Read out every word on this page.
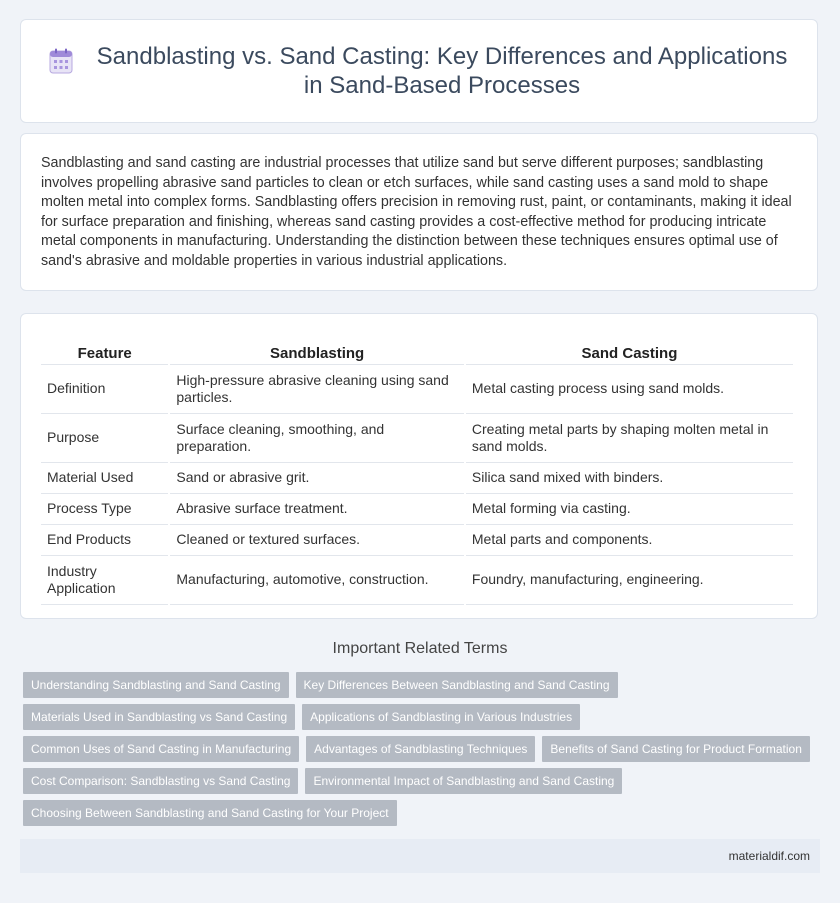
Sandblasting vs. Sand Casting: Key Differences and Applications in Sand-Based Processes

Sandblasting and sand casting are industrial processes that utilize sand but serve different purposes; sandblasting involves propelling abrasive sand particles to clean or etch surfaces, while sand casting uses a sand mold to shape molten metal into complex forms. Sandblasting offers precision in removing rust, paint, or contaminants, making it ideal for surface preparation and finishing, whereas sand casting provides a cost-effective method for producing intricate metal components in manufacturing. Understanding the distinction between these techniques ensures optimal use of sand's abrasive and moldable properties in various industrial applications.

Feature	Sandblasting	Sand Casting
Definition	High-pressure abrasive cleaning using sand particles.	Metal casting process using sand molds.
Purpose	Surface cleaning, smoothing, and preparation.	Creating metal parts by shaping molten metal in sand molds.
Material Used	Sand or abrasive grit.	Silica sand mixed with binders.
Process Type	Abrasive surface treatment.	Metal forming via casting.
End Products	Cleaned or textured surfaces.	Metal parts and components.
Industry Application	Manufacturing, automotive, construction.	Foundry, manufacturing, engineering.
Important Related Terms
Understanding Sandblasting and Sand Casting	Key Differences Between Sandblasting and Sand Casting
Materials Used in Sandblasting vs Sand Casting	Applications of Sandblasting in Various Industries
Common Uses of Sand Casting in Manufacturing	Advantages of Sandblasting Techniques	Benefits of Sand Casting for Product Formation
Cost Comparison: Sandblasting vs Sand Casting	Environmental Impact of Sandblasting and Sand Casting
Choosing Between Sandblasting and Sand Casting for Your Project
materialdif.com
